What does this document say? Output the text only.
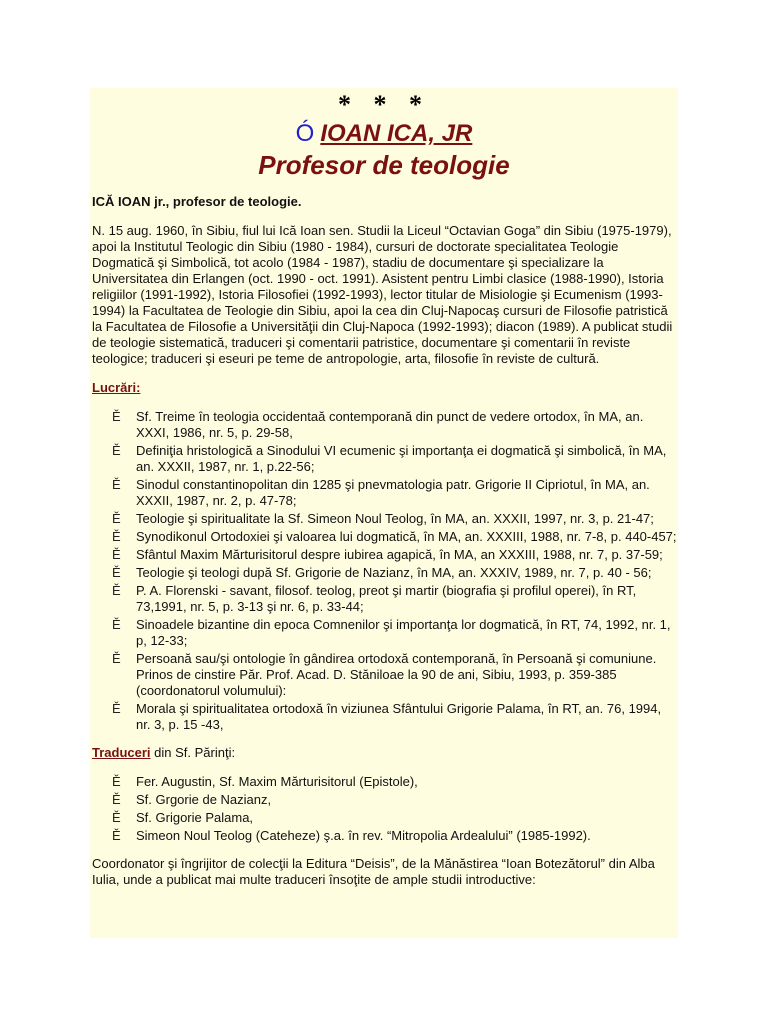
* * *
Ó IOAN ICA, JR
Profesor de teologie

ICĂ IOAN jr., profesor de teologie.

N. 15 aug. 1960, în Sibiu, fiul lui Ică Ioan sen. Studii la Liceul “Octavian Goga” din Sibiu (1975-1979), apoi la Institutul Teologic din Sibiu (1980 - 1984), cursuri de doctorate specialitatea Teologie Dogmatică şi Simbolică, tot acolo (1984 - 1987), stadiu de documentare şi specializare la Universitatea din Erlangen (oct. 1990 - oct. 1991). Asistent pentru Limbi clasice (1988-1990), Istoria religiilor (1991-1992), Istoria Filosofiei (1992-1993), lector titular de Misiologie şi Ecumenism (1993-1994) la Facultatea de Teologie din Sibiu, apoi la cea din Cluj-Napocaş cursuri de Filosofie patristică la Facultatea de Filosofie a Universităţii din Cluj-Napoca (1992-1993); diacon (1989). A publicat studii de teologie sistematică, traduceri şi comentarii patristice, documentare şi comentarii în reviste teologice; traduceri şi eseuri pe teme de antropologie, arta, filosofie în reviste de cultură.

Lucrări:

Ě Sf. Treime în teologia occidentaă contemporană din punct de vedere ortodox, în MA, an. XXXI, 1986, nr. 5, p. 29-58,
Ě Definiţia hristologică a Sinodului VI ecumenic şi importanţa ei dogmatică şi simbolică, în MA, an. XXXII, 1987, nr. 1, p.22-56;
Ě Sinodul constantinopolitan din 1285 şi pnevmatologia patr. Grigorie II Cipriotul, în MA, an. XXXII, 1987, nr. 2, p. 47-78;
Ě Teologie şi spiritualitate la Sf. Simeon Noul Teolog, în MA, an. XXXII, 1997, nr. 3, p. 21-47;
Ě Synodikonul Ortodoxiei şi valoarea lui dogmatică, în MA, an. XXXIII, 1988, nr. 7-8, p. 440-457;
Ě Sfântul Maxim Mărturisitorul despre iubirea agapică, în MA, an XXXIII, 1988, nr. 7, p. 37-59;
Ě Teologie şi teologi după Sf. Grigorie de Nazianz, în MA, an. XXXIV, 1989, nr. 7, p. 40 - 56;
Ě P. A. Florenski - savant, filosof. teolog, preot şi martir (biografia şi profilul operei), în RT, 73,1991, nr. 5, p. 3-13 şi nr. 6, p. 33-44;
Ě Sinoadele bizantine din epoca Comnenilor şi importanţa lor dogmatică, în RT, 74, 1992, nr. 1, p, 12-33;
Ě Persoană sau/şi ontologie în gândirea ortodoxă contemporană, în Persoană şi comuniune. Prinos de cinstire Păr. Prof. Acad. D. Stăniloae la 90 de ani, Sibiu, 1993, p. 359-385 (coordonatorul volumului):
Ě Morala şi spiritualitatea ortodoxă în viziunea Sfântului Grigorie Palama, în RT, an. 76, 1994, nr. 3, p. 15 -43,

Traduceri din Sf. Părinţi:

Ě Fer. Augustin, Sf. Maxim Mărturisitorul (Epistole),
Ě Sf. Grgorie de Nazianz,
Ě Sf. Grigorie Palama,
Ě Simeon Noul Teolog (Cateheze) ş.a. în rev. “Mitropolia Ardealului” (1985-1992).

Coordonator şi îngrijitor de colecţii la Editura “Deisis”, de la Mănăstirea “Ioan Botezătorul” din Alba Iulia, unde a publicat mai multe traduceri însoţite de ample studii introductive:
